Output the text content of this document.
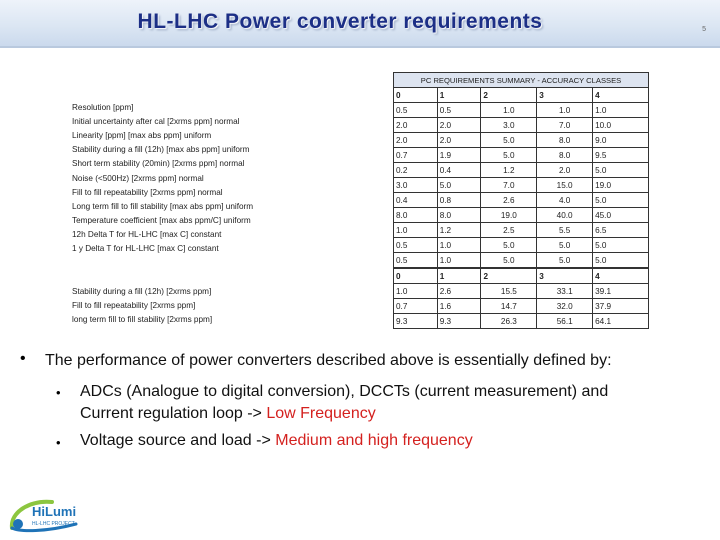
HL-LHC Power converter requirements	5
Resolution [ppm]
Initial uncertainty after cal [2xrms ppm] normal
Linearity [ppm] [max abs ppm] uniform
Stability during a fill (12h) [max abs ppm] uniform
Short term stability (20min) [2xrms ppm] normal
Noise (<500Hz) [2xrms ppm] normal
Fill to fill repeatability [2xrms ppm] normal
Long term fill to fill stability [max abs ppm] uniform
Temperature coefficient [max abs ppm/C] uniform
12h Delta T for HL-LHC [max C] constant
1 y Delta T for HL-LHC [max C] constant
PC REQUIREMENTS SUMMARY - ACCURACY CLASSES				
0	1	2	3	4
0.5	0.5	1.0	1.0	1.0
2.0	2.0	3.0	7.0	10.0
2.0	2.0	5.0	8.0	9.0
0.7	1.9	5.0	8.0	9.5
0.2	0.4	1.2	2.0	5.0
3.0	5.0	7.0	15.0	19.0
0.4	0.8	2.6	4.0	5.0
8.0	8.0	19.0	40.0	45.0
1.0	1.2	2.5	5.5	6.5
0.5	1.0	5.0	5.0	5.0
0.5	1.0	5.0	5.0	5.0
Stability during a fill (12h) [2xrms ppm]
Fill to fill repeatability [2xrms ppm]
long term fill to fill stability [2xrms ppm]
0	1	2	3	4
1.0	2.6	15.5	33.1	39.1
0.7	1.6	14.7	32.0	37.9
9.3	9.3	26.3	56.1	64.1
• The performance of power converters described above is essentially defined by:
• ADCs (Analogue to digital conversion), DCCTs (current measurement) and
Current regulation loop -> Low Frequency
• Voltage source and load -> Medium and high frequency
HiLumi
HL-LHC PROJECT
